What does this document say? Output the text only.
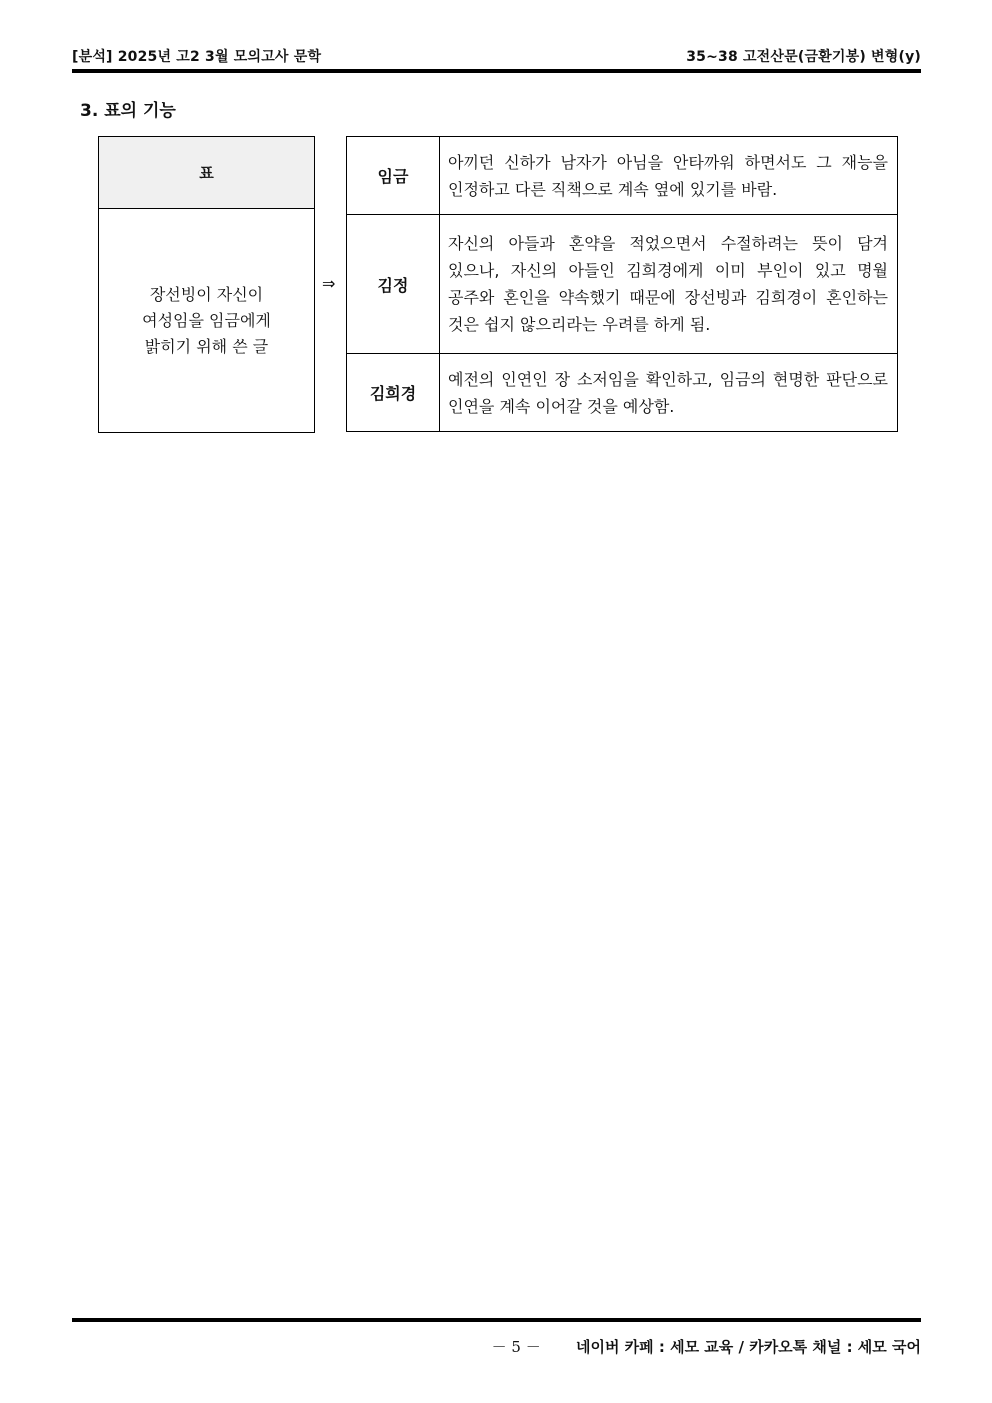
[분석] 2025년 고2 3월 모의고사 문학	35~38 고전산문(금환기봉) 변형(y)
3. 표의 기능
표
장선빙이 자신이
여성임을 임금에게
밝히기 위해 쓴 글
⇒
임금	아끼던 신하가 남자가 아님을 안타까워 하면서도 그 재능을 인정하고 다른 직책으로 계속 옆에 있기를 바람.
김정	자신의 아들과 혼약을 적었으면서 수절하려는 뜻이 담겨 있으나, 자신의 아들인 김희경에게 이미 부인이 있고 명월 공주와 혼인을 약속했기 때문에 장선빙과 김희경이 혼인하는 것은 쉽지 않으리라는 우려를 하게 됨.
김희경	예전의 인연인 장 소저임을 확인하고, 임금의 현명한 판단으로 인연을 계속 이어갈 것을 예상함.
－ 5 － 네이버 카페 : 세모 교육 / 카카오톡 채널 : 세모 국어
